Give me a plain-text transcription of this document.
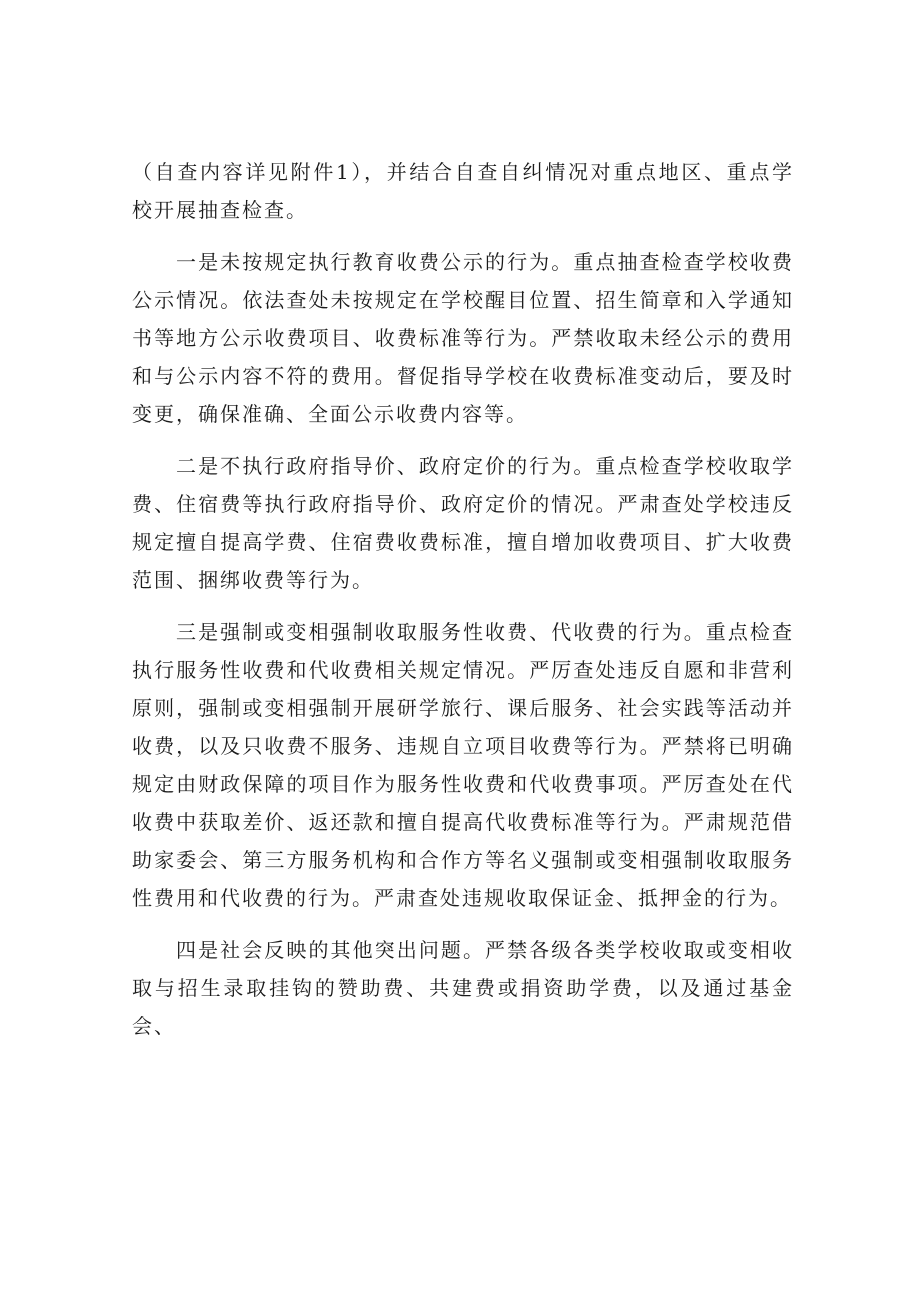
（自查内容详见附件1），并结合自查自纠情况对重点地区、重点学校开展抽查检查。

一是未按规定执行教育收费公示的行为。重点抽查检查学校收费公示情况。依法查处未按规定在学校醒目位置、招生简章和入学通知书等地方公示收费项目、收费标准等行为。严禁收取未经公示的费用和与公示内容不符的费用。督促指导学校在收费标准变动后，要及时变更，确保准确、全面公示收费内容等。

二是不执行政府指导价、政府定价的行为。重点检查学校收取学费、住宿费等执行政府指导价、政府定价的情况。严肃查处学校违反规定擅自提高学费、住宿费收费标准，擅自增加收费项目、扩大收费范围、捆绑收费等行为。

三是强制或变相强制收取服务性收费、代收费的行为。重点检查执行服务性收费和代收费相关规定情况。严厉查处违反自愿和非营利原则，强制或变相强制开展研学旅行、课后服务、社会实践等活动并收费，以及只收费不服务、违规自立项目收费等行为。严禁将已明确规定由财政保障的项目作为服务性收费和代收费事项。严厉查处在代收费中获取差价、返还款和擅自提高代收费标准等行为。严肃规范借助家委会、第三方服务机构和合作方等名义强制或变相强制收取服务性费用和代收费的行为。严肃查处违规收取保证金、抵押金的行为。

四是社会反映的其他突出问题。严禁各级各类学校收取或变相收取与招生录取挂钩的赞助费、共建费或捐资助学费，以及通过基金会、
